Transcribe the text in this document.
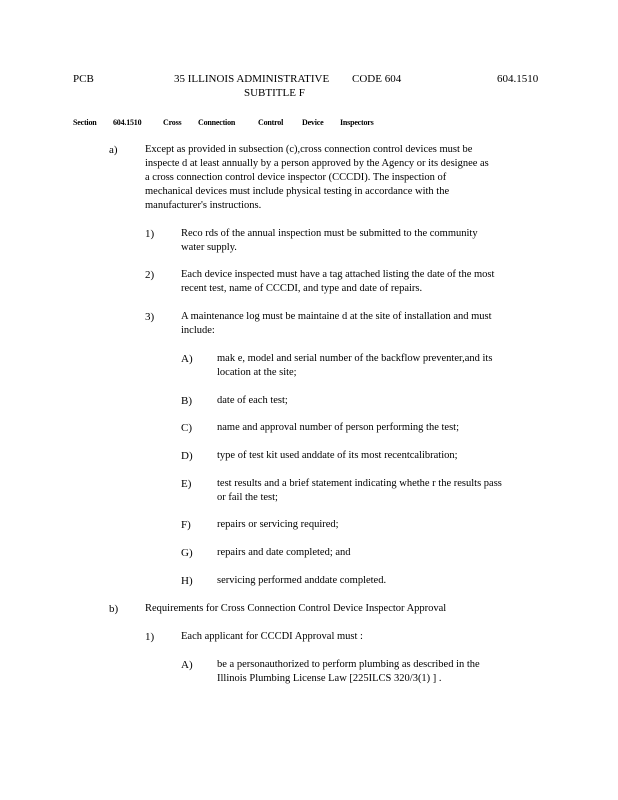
PCB	35 ILLINOIS ADMINISTRATIVE CODE 604
SUBTITLE F
604.1510
Section 604.1510	Cross Connection	Control Device Inspectors
a)	Except as provided in subsection (c),cross connection control devices must be
inspecte d at least annually by a person approved by the Agency or its designee as
a cross connection control device inspector (CCCDI). The inspection of
mechanical devices must include physical testing in accordance with the
manufacturer's instructions.
1)	Reco rds of the annual inspection must be submitted to the community
water supply.
2)	Each device inspected must have a tag attached listing the date of the most
recent test, name of CCCDI, and type and date of repairs.
3)	A maintenance log must be maintaine d at the site of installation and must
include:
A) mak e, model and serial number of the backflow preventer,and its
location at the site;
B) date of each test;
C) name and approval number of person performing the test;
D) type of test kit used anddate of its most recentcalibration;
E) test results and a brief statement indicating whethe r the results pass
or fail the test;
F) repairs or servicing required;
G) repairs and date completed; and
H) servicing performed anddate completed.
b)	Requirements for Cross Connection Control Device Inspector Approval
1)	Each applicant for CCCDI Approval must :
A) be a personauthorized to perform plumbing as described in the
Illinois Plumbing License Law [225ILCS 320/3(1) ] .
